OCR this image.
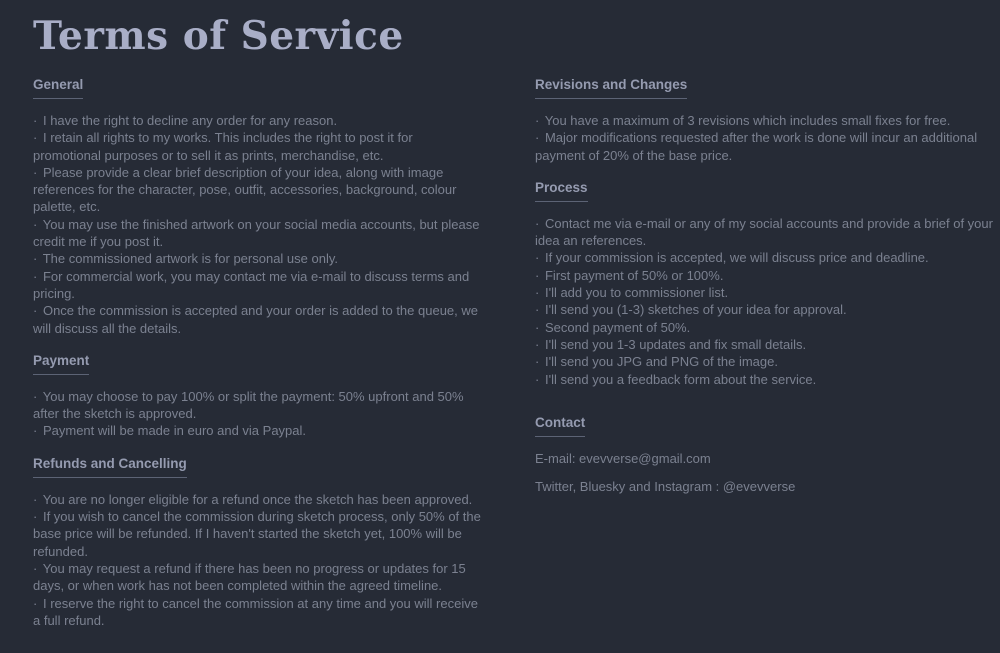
Terms of Service
General

· I have the right to decline any order for any reason.

· I retain all rights to my works. This includes the right to post it for promotional purposes or to sell it as prints, merchandise, etc.

· Please provide a clear brief description of your idea, along with image references for the character, pose, outfit, accessories, background, colour palette, etc.

· You may use the finished artwork on your social media accounts, but please credit me if you post it.

· The commissioned artwork is for personal use only.

· For commercial work, you may contact me via e-mail to discuss terms and pricing.

· Once the commission is accepted and your order is added to the queue, we will discuss all the details.

Payment

· You may choose to pay 100% or split the payment: 50% upfront and 50% after the sketch is approved.

· Payment will be made in euro and via Paypal.

Refunds and Cancelling

· You are no longer eligible for a refund once the sketch has been approved.

· If you wish to cancel the commission during sketch process, only 50% of the base price will be refunded. If I haven't started the sketch yet, 100% will be refunded.

· You may request a refund if there has been no progress or updates for 15 days, or when work has not been completed within the agreed timeline.

· I reserve the right to cancel the commission at any time and you will receive a full refund.

Revisions and Changes

· You have a maximum of 3 revisions which includes small fixes for free.

· Major modifications requested after the work is done will incur an additional payment of 20% of the base price.

Process

· Contact me via e-mail or any of my social accounts and provide a brief of your idea an references.

· If your commission is accepted, we will discuss price and deadline.

· First payment of 50% or 100%.

· I'll add you to commissioner list.

· I'll send you (1-3) sketches of your idea for approval.

· Second payment of 50%.

· I'll send you 1-3 updates and fix small details.

· I'll send you JPG and PNG of the image.

· I'll send you a feedback form about the service.

Contact

E-mail: evevverse@gmail.com

Twitter, Bluesky and Instagram : @evevverse
